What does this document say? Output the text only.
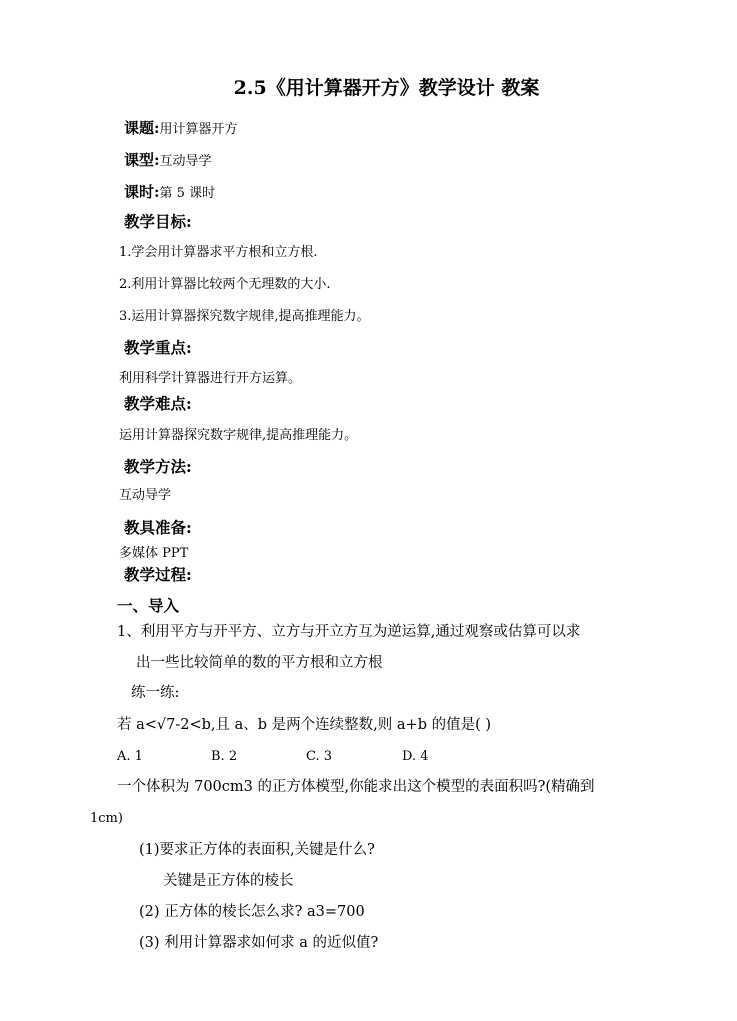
2.5《用计算器开方》教学设计 教案
课题:用计算器开方
课型:互动导学
课时:第 5 课时
教学目标:
1.学会用计算器求平方根和立方根.
2.利用计算器比较两个无理数的大小.
3.运用计算器探究数字规律,提高推理能力。
教学重点:
利用科学计算器进行开方运算。
教学难点:
运用计算器探究数字规律,提高推理能力。
教学方法:
互动导学
教具准备:
多媒体 PPT
教学过程:
一、导入
1、利用平方与开平方、立方与开立方互为逆运算,通过观察或估算可以求
出一些比较简单的数的平方根和立方根
练一练:
若 a<√7-2<b,且 a、b 是两个连续整数,则 a+b 的值是( )
A. 1	B. 2	C. 3	D. 4
一个体积为 700cm3 的正方体模型,你能求出这个模型的表面积吗?(精确到
1cm)
(1)要求正方体的表面积,关键是什么?
关键是正方体的棱长
(2) 正方体的棱长怎么求? a3=700
(3) 利用计算器求如何求 a 的近似值?
